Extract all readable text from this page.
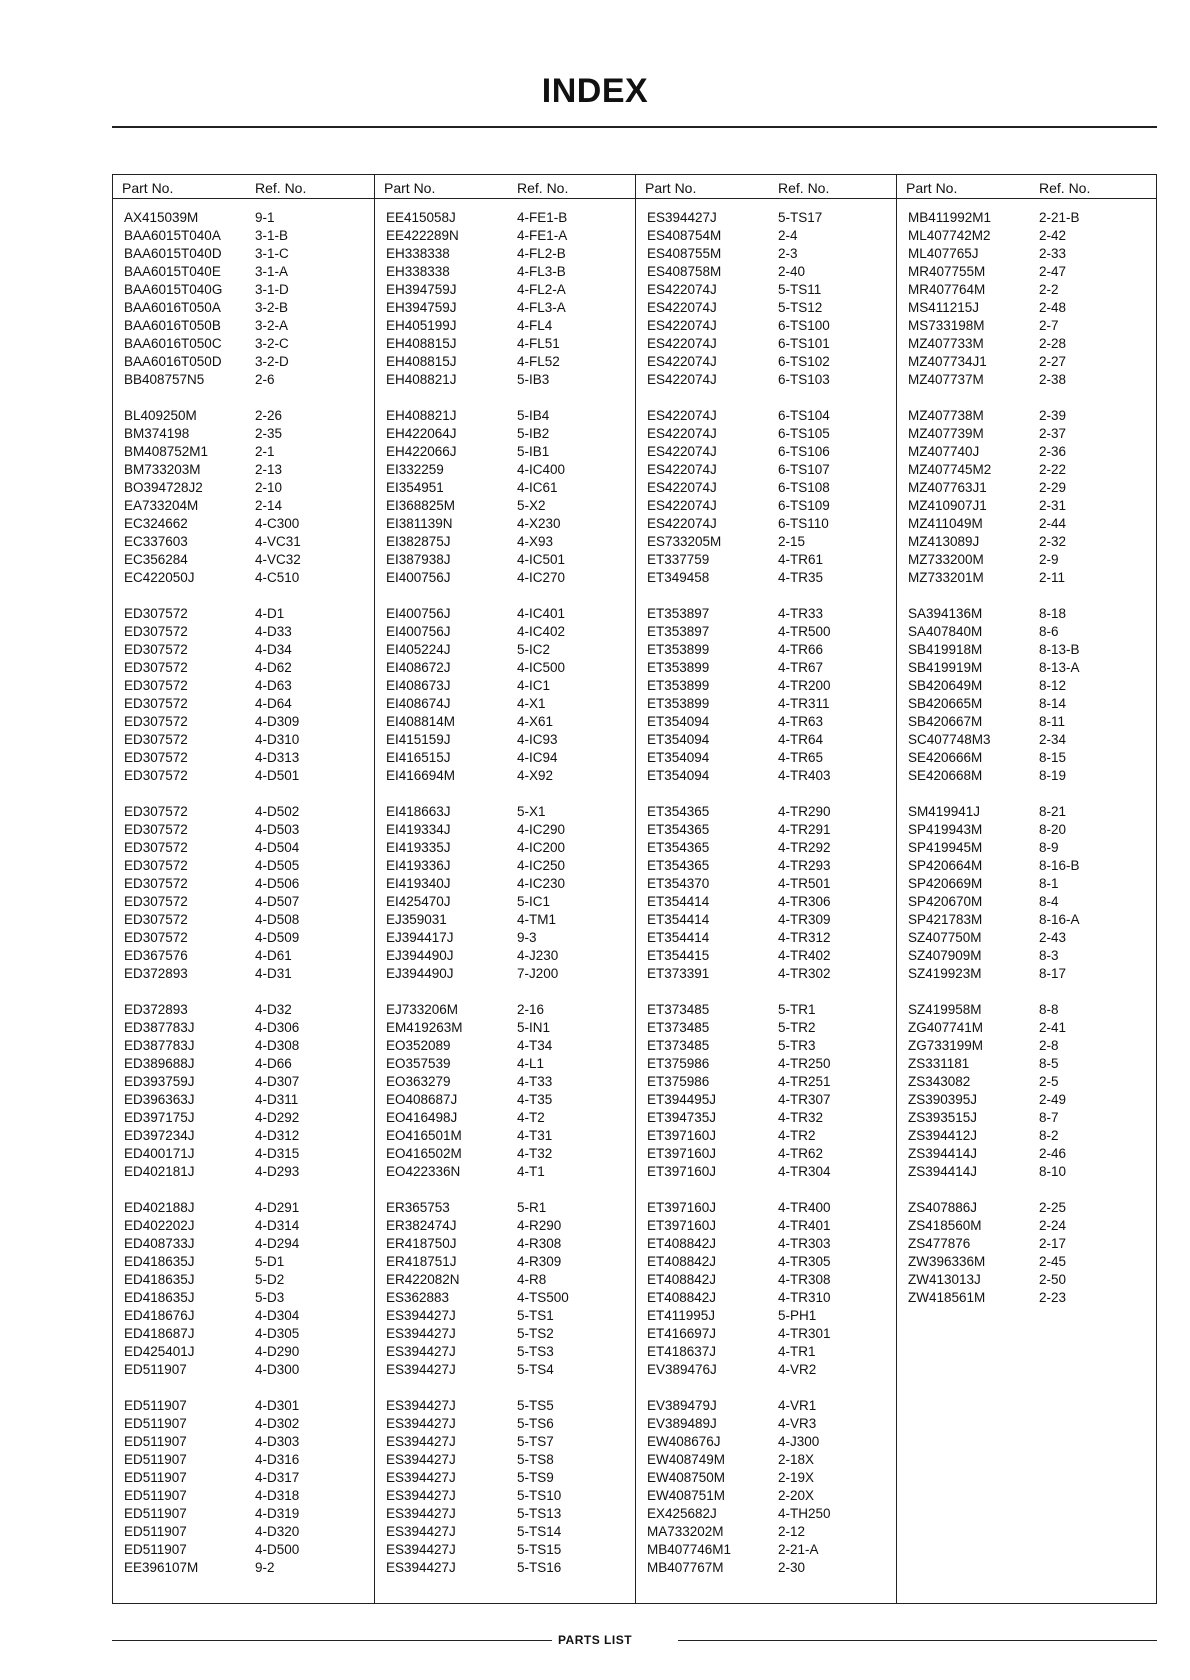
INDEX
Part No.	Ref. No.
AX415039M	9-1
BAA6015T040A	3-1-B
BAA6015T040D	3-1-C
BAA6015T040E	3-1-A
BAA6015T040G	3-1-D
BAA6016T050A	3-2-B
BAA6016T050B	3-2-A
BAA6016T050C	3-2-C
BAA6016T050D	3-2-D
BB408757N5	2-6
BL409250M	2-26
BM374198	2-35
BM408752M1	2-1
BM733203M	2-13
BO394728J2	2-10
EA733204M	2-14
EC324662	4-C300
EC337603	4-VC31
EC356284	4-VC32
EC422050J	4-C510
ED307572	4-D1
ED307572	4-D33
ED307572	4-D34
ED307572	4-D62
ED307572	4-D63
ED307572	4-D64
ED307572	4-D309
ED307572	4-D310
ED307572	4-D313
ED307572	4-D501
ED307572	4-D502
ED307572	4-D503
ED307572	4-D504
ED307572	4-D505
ED307572	4-D506
ED307572	4-D507
ED307572	4-D508
ED307572	4-D509
ED367576	4-D61
ED372893	4-D31
ED372893	4-D32
ED387783J	4-D306
ED387783J	4-D308
ED389688J	4-D66
ED393759J	4-D307
ED396363J	4-D311
ED397175J	4-D292
ED397234J	4-D312
ED400171J	4-D315
ED402181J	4-D293
ED402188J	4-D291
ED402202J	4-D314
ED408733J	4-D294
ED418635J	5-D1
ED418635J	5-D2
ED418635J	5-D3
ED418676J	4-D304
ED418687J	4-D305
ED425401J	4-D290
ED511907	4-D300
ED511907	4-D301
ED511907	4-D302
ED511907	4-D303
ED511907	4-D316
ED511907	4-D317
ED511907	4-D318
ED511907	4-D319
ED511907	4-D320
ED511907	4-D500
EE396107M	9-2
Part No.	Ref. No.
EE415058J	4-FE1-B
EE422289N	4-FE1-A
EH338338	4-FL2-B
EH338338	4-FL3-B
EH394759J	4-FL2-A
EH394759J	4-FL3-A
EH405199J	4-FL4
EH408815J	4-FL51
EH408815J	4-FL52
EH408821J	5-IB3
EH408821J	5-IB4
EH422064J	5-IB2
EH422066J	5-IB1
EI332259	4-IC400
EI354951	4-IC61
EI368825M	5-X2
EI381139N	4-X230
EI382875J	4-X93
EI387938J	4-IC501
EI400756J	4-IC270
EI400756J	4-IC401
EI400756J	4-IC402
EI405224J	5-IC2
EI408672J	4-IC500
EI408673J	4-IC1
EI408674J	4-X1
EI408814M	4-X61
EI415159J	4-IC93
EI416515J	4-IC94
EI416694M	4-X92
EI418663J	5-X1
EI419334J	4-IC290
EI419335J	4-IC200
EI419336J	4-IC250
EI419340J	4-IC230
EI425470J	5-IC1
EJ359031	4-TM1
EJ394417J	9-3
EJ394490J	4-J230
EJ394490J	7-J200
EJ733206M	2-16
EM419263M	5-IN1
EO352089	4-T34
EO357539	4-L1
EO363279	4-T33
EO408687J	4-T35
EO416498J	4-T2
EO416501M	4-T31
EO416502M	4-T32
EO422336N	4-T1
ER365753	5-R1
ER382474J	4-R290
ER418750J	4-R308
ER418751J	4-R309
ER422082N	4-R8
ES362883	4-TS500
ES394427J	5-TS1
ES394427J	5-TS2
ES394427J	5-TS3
ES394427J	5-TS4
ES394427J	5-TS5
ES394427J	5-TS6
ES394427J	5-TS7
ES394427J	5-TS8
ES394427J	5-TS9
ES394427J	5-TS10
ES394427J	5-TS13
ES394427J	5-TS14
ES394427J	5-TS15
ES394427J	5-TS16
Part No.	Ref. No.
ES394427J	5-TS17
ES408754M	2-4
ES408755M	2-3
ES408758M	2-40
ES422074J	5-TS11
ES422074J	5-TS12
ES422074J	6-TS100
ES422074J	6-TS101
ES422074J	6-TS102
ES422074J	6-TS103
ES422074J	6-TS104
ES422074J	6-TS105
ES422074J	6-TS106
ES422074J	6-TS107
ES422074J	6-TS108
ES422074J	6-TS109
ES422074J	6-TS110
ES733205M	2-15
ET337759	4-TR61
ET349458	4-TR35
ET353897	4-TR33
ET353897	4-TR500
ET353899	4-TR66
ET353899	4-TR67
ET353899	4-TR200
ET353899	4-TR311
ET354094	4-TR63
ET354094	4-TR64
ET354094	4-TR65
ET354094	4-TR403
ET354365	4-TR290
ET354365	4-TR291
ET354365	4-TR292
ET354365	4-TR293
ET354370	4-TR501
ET354414	4-TR306
ET354414	4-TR309
ET354414	4-TR312
ET354415	4-TR402
ET373391	4-TR302
ET373485	5-TR1
ET373485	5-TR2
ET373485	5-TR3
ET375986	4-TR250
ET375986	4-TR251
ET394495J	4-TR307
ET394735J	4-TR32
ET397160J	4-TR2
ET397160J	4-TR62
ET397160J	4-TR304
ET397160J	4-TR400
ET397160J	4-TR401
ET408842J	4-TR303
ET408842J	4-TR305
ET408842J	4-TR308
ET408842J	4-TR310
ET411995J	5-PH1
ET416697J	4-TR301
ET418637J	4-TR1
EV389476J	4-VR2
EV389479J	4-VR1
EV389489J	4-VR3
EW408676J	4-J300
EW408749M	2-18X
EW408750M	2-19X
EW408751M	2-20X
EX425682J	4-TH250
MA733202M	2-12
MB407746M1	2-21-A
MB407767M	2-30
Part No.	Ref. No.
MB411992M1	2-21-B
ML407742M2	2-42
ML407765J	2-33
MR407755M	2-47
MR407764M	2-2
MS411215J	2-48
MS733198M	2-7
MZ407733M	2-28
MZ407734J1	2-27
MZ407737M	2-38
MZ407738M	2-39
MZ407739M	2-37
MZ407740J	2-36
MZ407745M2	2-22
MZ407763J1	2-29
MZ410907J1	2-31
MZ411049M	2-44
MZ413089J	2-32
MZ733200M	2-9
MZ733201M	2-11
SA394136M	8-18
SA407840M	8-6
SB419918M	8-13-B
SB419919M	8-13-A
SB420649M	8-12
SB420665M	8-14
SB420667M	8-11
SC407748M3	2-34
SE420666M	8-15
SE420668M	8-19
SM419941J	8-21
SP419943M	8-20
SP419945M	8-9
SP420664M	8-16-B
SP420669M	8-1
SP420670M	8-4
SP421783M	8-16-A
SZ407750M	2-43
SZ407909M	8-3
SZ419923M	8-17
SZ419958M	8-8
ZG407741M	2-41
ZG733199M	2-8
ZS331181	8-5
ZS343082	2-5
ZS390395J	2-49
ZS393515J	8-7
ZS394412J	8-2
ZS394414J	2-46
ZS394414J	8-10
ZS407886J	2-25
ZS418560M	2-24
ZS477876	2-17
ZW396336M	2-45
ZW413013J	2-50
ZW418561M	2-23
PARTS LIST
